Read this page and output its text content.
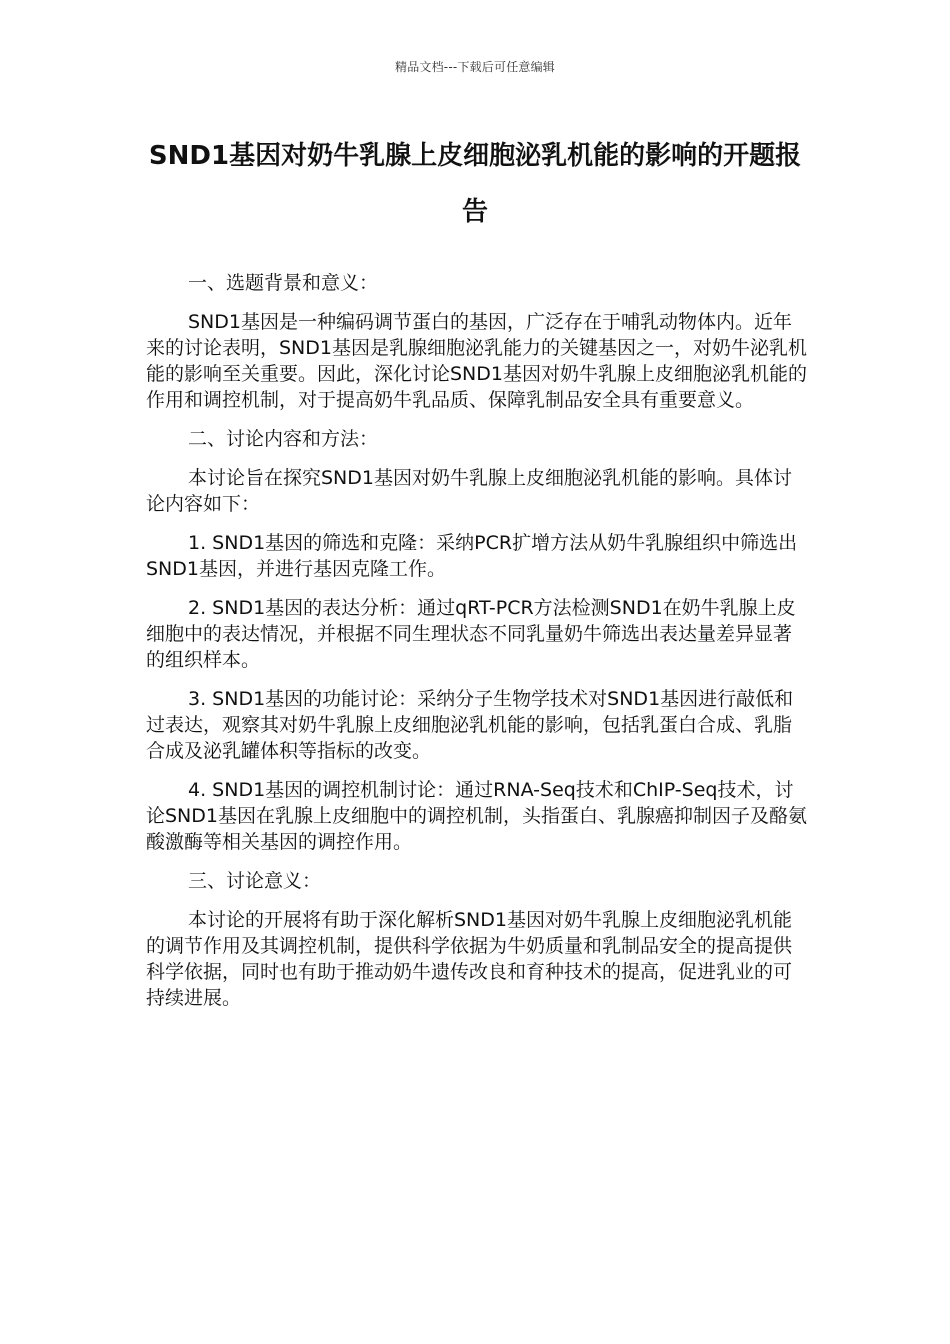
精品文档---下载后可任意编辑
SND1基因对奶牛乳腺上皮细胞泌乳机能的影响的开题报告

一、选题背景和意义：

SND1基因是一种编码调节蛋白的基因，广泛存在于哺乳动物体内。近年来的讨论表明，SND1基因是乳腺细胞泌乳能力的关键基因之一，对奶牛泌乳机能的影响至关重要。因此，深化讨论SND1基因对奶牛乳腺上皮细胞泌乳机能的作用和调控机制，对于提高奶牛乳品质、保障乳制品安全具有重要意义。

二、讨论内容和方法：

本讨论旨在探究SND1基因对奶牛乳腺上皮细胞泌乳机能的影响。具体讨论内容如下：

1. SND1基因的筛选和克隆：采纳PCR扩增方法从奶牛乳腺组织中筛选出SND1基因，并进行基因克隆工作。

2. SND1基因的表达分析：通过qRT-PCR方法检测SND1在奶牛乳腺上皮细胞中的表达情况，并根据不同生理状态不同乳量奶牛筛选出表达量差异显著的组织样本。

3. SND1基因的功能讨论：采纳分子生物学技术对SND1基因进行敲低和过表达，观察其对奶牛乳腺上皮细胞泌乳机能的影响，包括乳蛋白合成、乳脂合成及泌乳罐体积等指标的改变。

4. SND1基因的调控机制讨论：通过RNA-Seq技术和ChIP-Seq技术，讨论SND1基因在乳腺上皮细胞中的调控机制，头指蛋白、乳腺癌抑制因子及酪氨酸激酶等相关基因的调控作用。

三、讨论意义：

本讨论的开展将有助于深化解析SND1基因对奶牛乳腺上皮细胞泌乳机能的调节作用及其调控机制，提供科学依据为牛奶质量和乳制品安全的提高提供科学依据，同时也有助于推动奶牛遗传改良和育种技术的提高，促进乳业的可持续进展。
